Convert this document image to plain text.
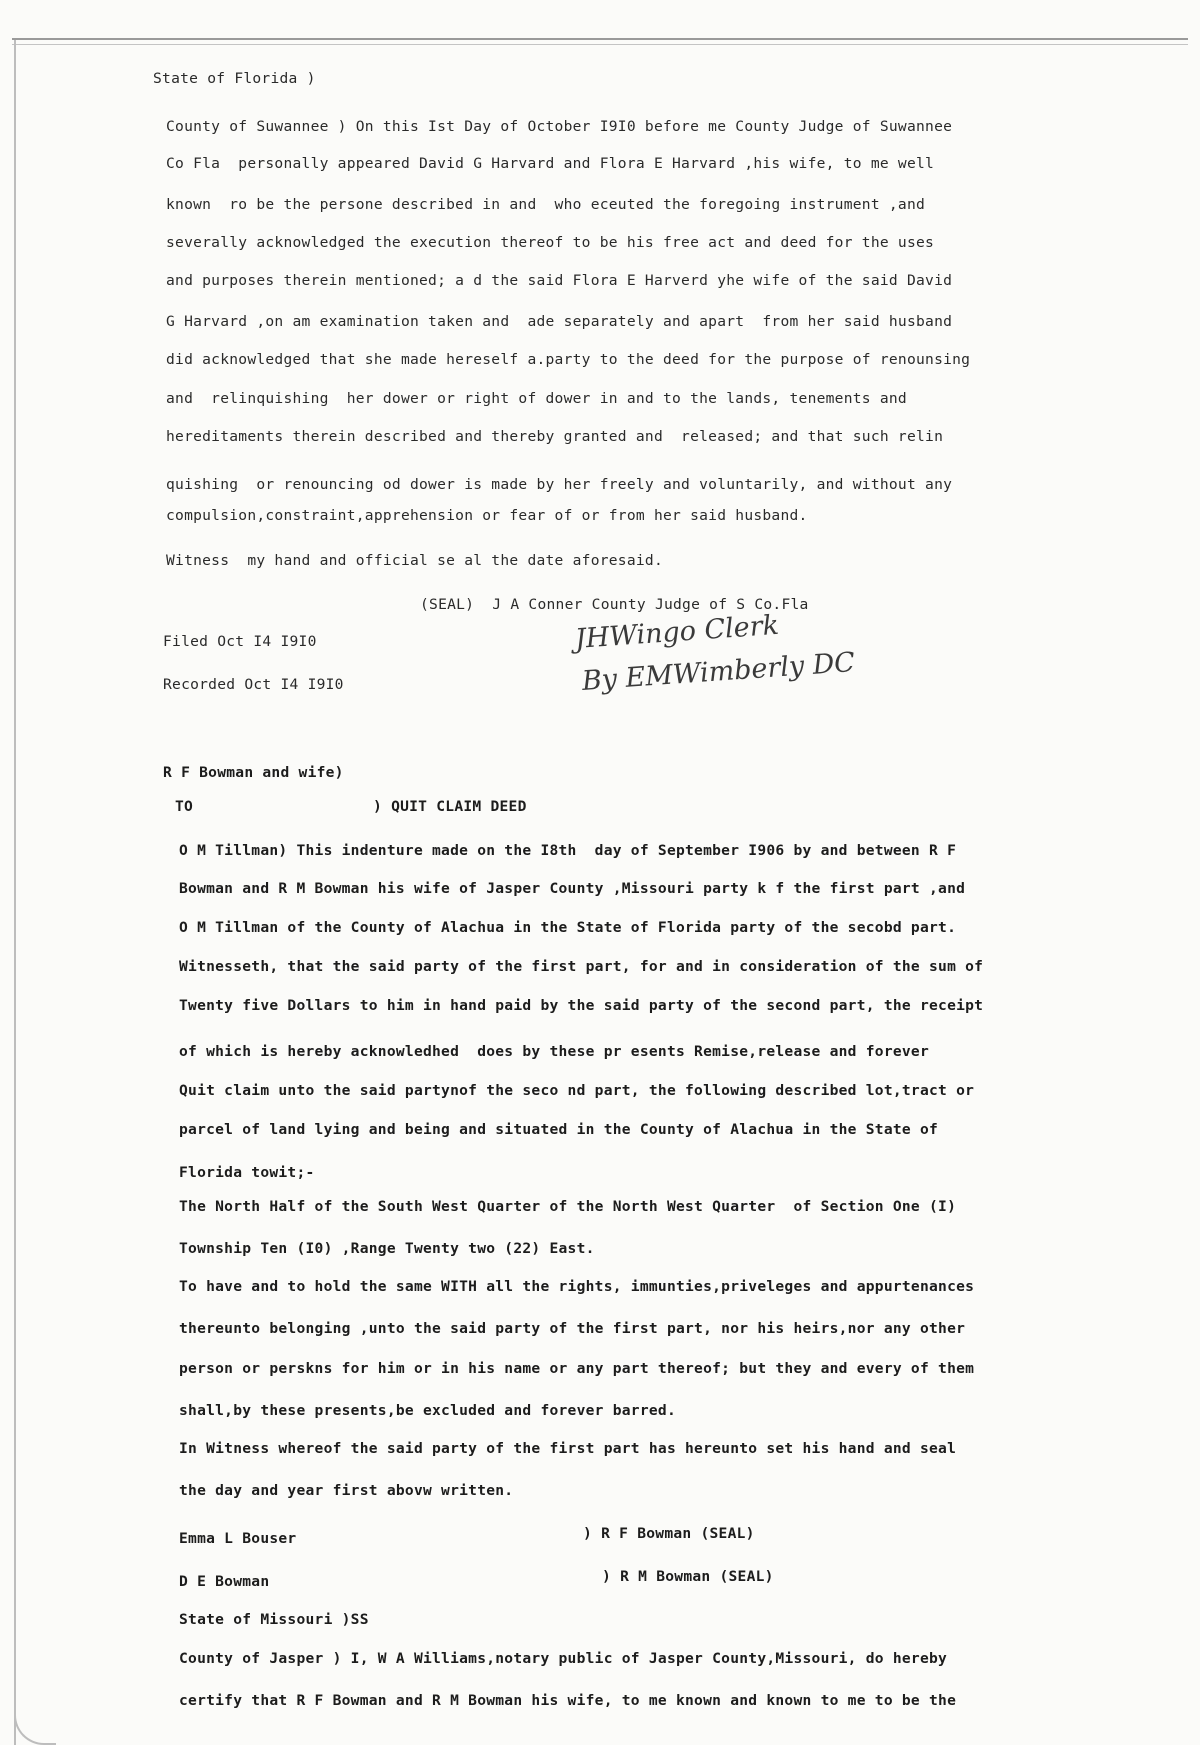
State of Florida )
County of Suwannee ) On this Ist Day of October I9I0 before me County Judge of Suwannee
Co Fla  personally appeared David G Harvard and Flora E Harvard ,his wife, to me well
known  ro be the persone described in and  who eceuted the foregoing instrument ,and
severally acknowledged the execution thereof to be his free act and deed for the uses
and purposes therein mentioned; a d the said Flora E Harverd yhe wife of the said David
G Harvard ,on am examination taken and  ade separately and apart  from her said husband
did acknowledged that she made hereself a.party to the deed for the purpose of renounsing
and  relinquishing  her dower or right of dower in and to the lands, tenements and
hereditaments therein described and thereby granted and  released; and that such relin
quishing  or renouncing od dower is made by her freely and voluntarily, and without any
compulsion,constraint,apprehension or fear of or from her said husband.
Witness  my hand and official se al the date aforesaid.
(SEAL)  J A Conner County Judge of S Co.Fla
Filed Oct I4 I9I0
Recorded Oct I4 I9I0
JHWingo Clerk
By EMWimberly DC
R F Bowman and wife)
TO	) QUIT CLAIM DEED
O M Tillman) This indenture made on the I8th  day of September I906 by and between R F
Bowman and R M Bowman his wife of Jasper County ,Missouri party k f the first part ,and
O M Tillman of the County of Alachua in the State of Florida party of the secobd part.
Witnesseth, that the said party of the first part, for and in consideration of the sum of
Twenty five Dollars to him in hand paid by the said party of the second part, the receipt
of which is hereby acknowledhed  does by these pr esents Remise,release and forever
Quit claim unto the said partynof the seco nd part, the following described lot,tract or
parcel of land lying and being and situated in the County of Alachua in the State of
Florida towit;-
The North Half of the South West Quarter of the North West Quarter  of Section One (I)
Township Ten (I0) ,Range Twenty two (22) East.
To have and to hold the same WITH all the rights, immunties,priveleges and appurtenances
thereunto belonging ,unto the said party of the first part, nor his heirs,nor any other
person or perskns for him or in his name or any part thereof; but they and every of them
shall,by these presents,be excluded and forever barred.
In Witness whereof the said party of the first part has hereunto set his hand and seal
the day and year first abovw written.
Emma L Bouser	) R F Bowman (SEAL)
D E Bowman	) R M Bowman (SEAL)
State of Missouri )SS
County of Jasper ) I, W A Williams,notary public of Jasper County,Missouri, do hereby
certify that R F Bowman and R M Bowman his wife, to me known and known to me to be the
